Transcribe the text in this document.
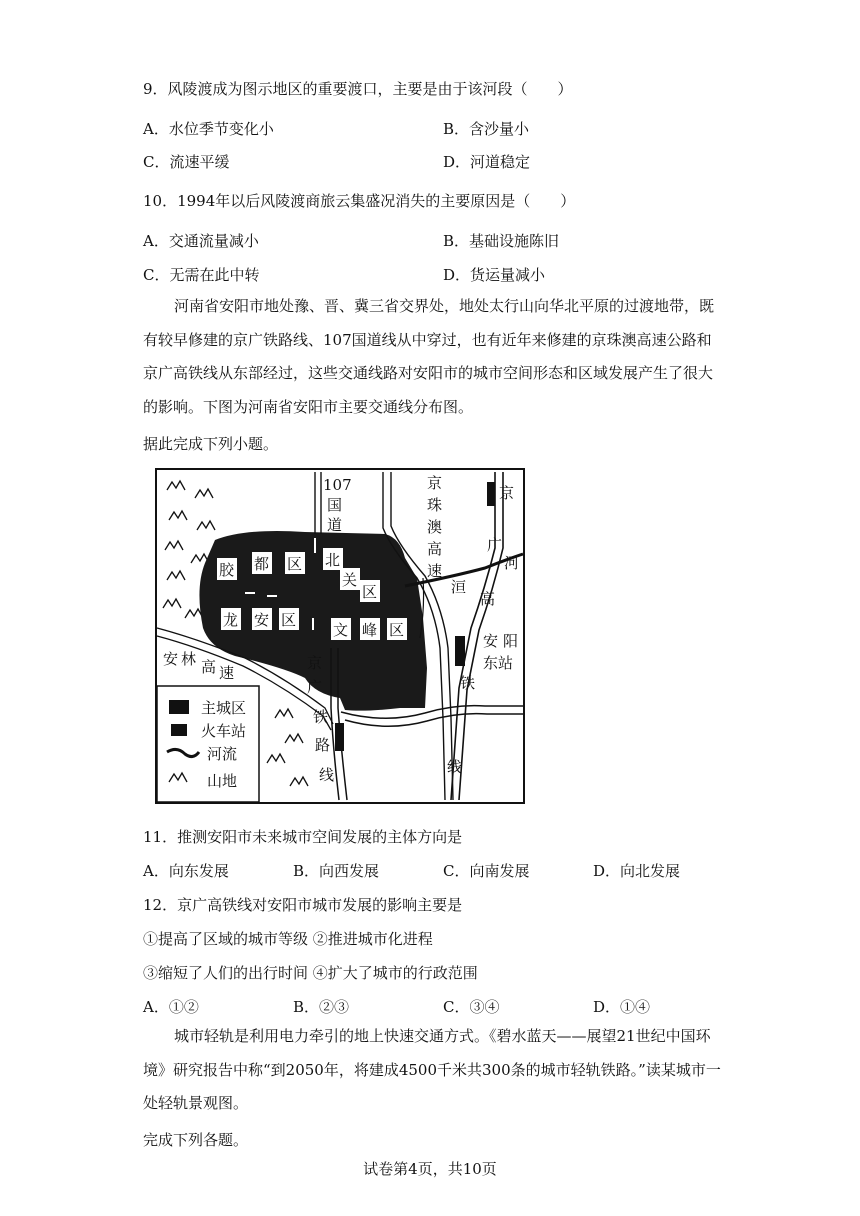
9．风陵渡成为图示地区的重要渡口，主要是由于该河段（　　）
A．水位季节变化小	B．含沙量小
C．流速平缓	D．河道稳定
10．1994年以后风陵渡商旅云集盛况消失的主要原因是（　　）
A．交通流量减小	B．基础设施陈旧
C．无需在此中转	D．货运量减小
河南省安阳市地处豫、晋、冀三省交界处，地处太行山向华北平原的过渡地带，既有较早修建的京广铁路线、107国道线从中穿过，也有近年来修建的京珠澳高速公路和京广高铁线从东部经过，这些交通线路对安阳市的城市空间形态和区域发展产生了很大的影响。下图为河南省安阳市主要交通线分布图。
据此完成下列小题。
胶 都 区 北
关
区
龙 安 区
文 峰 区
107
国
道
京
珠
澳
高
速
京
广
河
高
洹
安 阳
东站
铁
线
安 林 高 速
京
广
铁
路
线
主城区
火车站
河流
山地
11．推测安阳市未来城市空间发展的主体方向是
A．向东发展	B．向西发展	C．向南发展	D．向北发展
12．京广高铁线对安阳市城市发展的影响主要是
①提高了区域的城市等级 ②推进城市化进程
③缩短了人们的出行时间 ④扩大了城市的行政范围
A．①②	B．②③	C．③④	D．①④
城市轻轨是利用电力牵引的地上快速交通方式。《碧水蓝天——展望21世纪中国环境》研究报告中称“到2050年，将建成4500千米共300条的城市轻轨铁路。”读某城市一处轻轨景观图。
完成下列各题。
试卷第4页，共10页
